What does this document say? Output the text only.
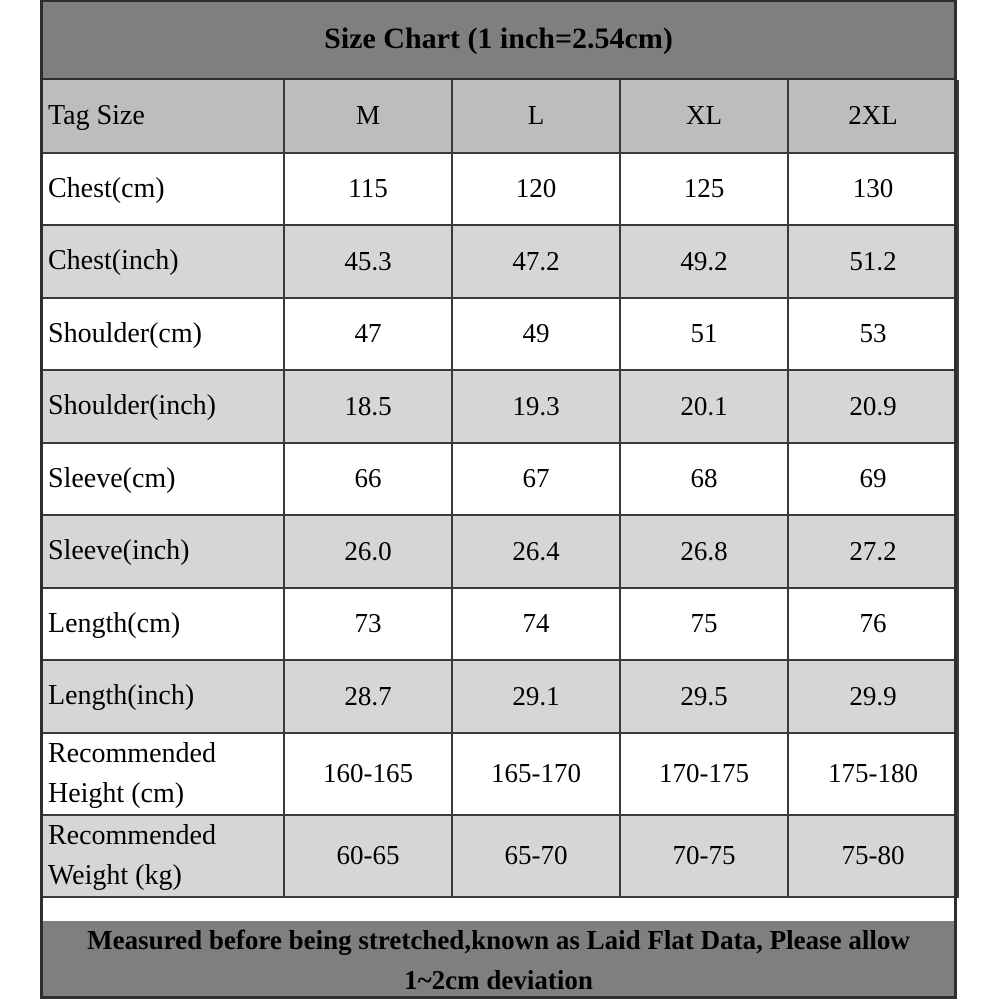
Size Chart (1 inch=2.54cm)
Tag Size	M	L	XL	2XL
Chest(cm)	115	120	125	130
Chest(inch)	45.3	47.2	49.2	51.2
Shoulder(cm)	47	49	51	53
Shoulder(inch)	18.5	19.3	20.1	20.9
Sleeve(cm)	66	67	68	69
Sleeve(inch)	26.0	26.4	26.8	27.2
Length(cm)	73	74	75	76
Length(inch)	28.7	29.1	29.5	29.9

Recommended
Height (cm)	160-165	165-170	170-175	175-180

Recommended
Weight (kg)	60-65	65-70	70-75	75-80
Measured before being stretched,known as Laid Flat Data, Please allow 1~2cm deviation
